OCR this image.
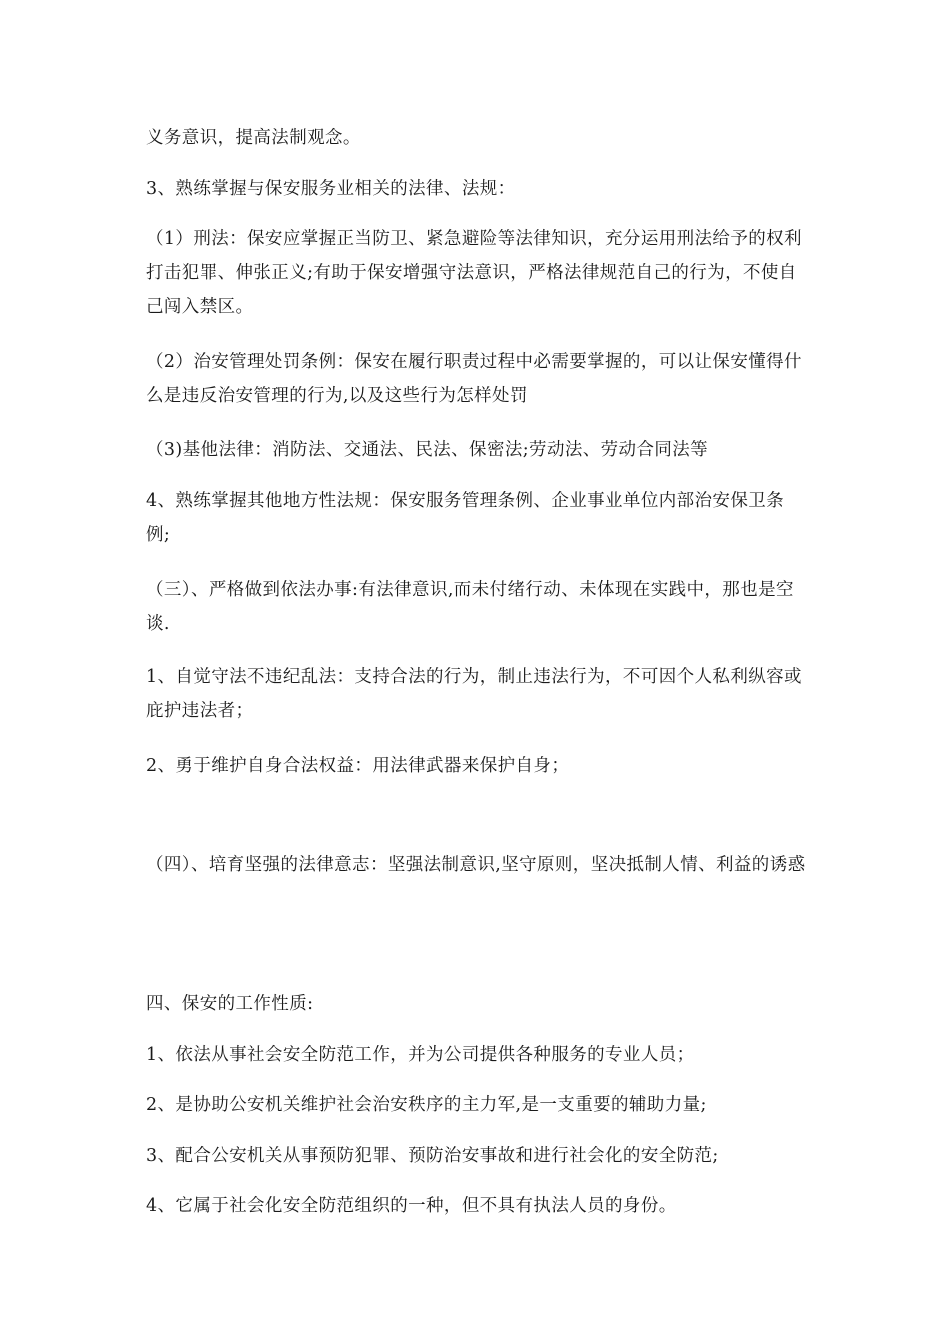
义务意识，提高法制观念。

3、熟练掌握与保安服务业相关的法律、法规：

（1）刑法：保安应掌握正当防卫、紧急避险等法律知识，充分运用刑法给予的权利打击犯罪、伸张正义;有助于保安增强守法意识，严格法律规范自己的行为，不使自己闯入禁区。

（2）治安管理处罚条例：保安在履行职责过程中必需要掌握的，可以让保安懂得什么是违反治安管理的行为,以及这些行为怎样处罚

（3)基他法律：消防法、交通法、民法、保密法;劳动法、劳动合同法等

4、熟练掌握其他地方性法规：保安服务管理条例、企业事业单位内部治安保卫条例;

（三）、严格做到依法办事:有法律意识,而未付绪行动、未体现在实践中，那也是空谈.

1、自觉守法不违纪乱法：支持合法的行为，制止违法行为，不可因个人私利纵容或庇护违法者；

2、勇于维护自身合法权益：用法律武器来保护自身；

（四）、培育坚强的法律意志：坚强法制意识,坚守原则，坚决抵制人情、利益的诱惑

四、保安的工作性质:

1、依法从事社会安全防范工作，并为公司提供各种服务的专业人员；

2、是协助公安机关维护社会治安秩序的主力军,是一支重要的辅助力量;

3、配合公安机关从事预防犯罪、预防治安事故和进行社会化的安全防范;

4、它属于社会化安全防范组织的一种，但不具有执法人员的身份。
